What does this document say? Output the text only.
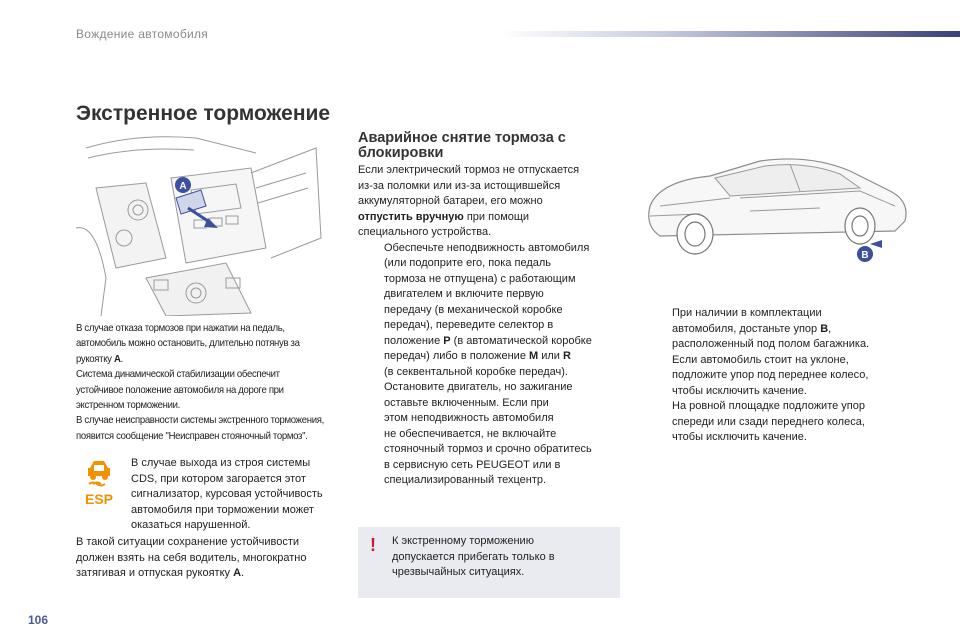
Вождение автомобиля
Экстренное торможение
A

В случае отказа тормозов при нажатии на педаль,

автомобиль можно остановить, длительно потянув за

рукоятку A.

Система динамической стабилизации обеспечит

устойчивое положение автомобиля на дороге при

экстренном торможении.

В случае неисправности системы экстренного торможения,

появится сообщение "Неисправен стояночный тормоз".

ESP

В случае выхода из строя системы

CDS, при котором загорается этот

сигнализатор, курсовая устойчивость

автомобиля при торможении может

оказаться нарушенной.

В такой ситуации сохранение устойчивости

должен взять на себя водитель, многократно

затягивая и отпуская рукоятку A.

Аварийное снятие тормоза с
блокировки

Если электрический тормоз не отпускается

из-за поломки или из-за истощившейся

аккумуляторной батареи, его можно

отпустить вручную при помощи

специального устройства.

Обеспечьте неподвижность автомобиля

(или подоприте его, пока педаль

тормоза не отпущена) с работающим

двигателем и включите первую

передачу (в механической коробке

передач), переведите селектор в

положение P (в автоматической коробке

передач) либо в положение M или R

(в секвентальной коробке передач).

Остановите двигатель, но зажигание

оставьте включенным. Если при

этом неподвижность автомобиля

не обеспечивается, не включайте

стояночный тормоз и срочно обратитесь

в сервисную сеть PEUGEOT или в

специализированный техцентр.

! К экстренному торможению

допускается прибегать только в

чрезвычайных ситуациях.

B

При наличии в комплектации

автомобиля, достаньте упор B,

расположенный под полом багажника.

Если автомобиль стоит на уклоне,

подложите упор под переднее колесо,

чтобы исключить качение.

На ровной площадке подложите упор

спереди или сзади переднего колеса,

чтобы исключить качение.

106
